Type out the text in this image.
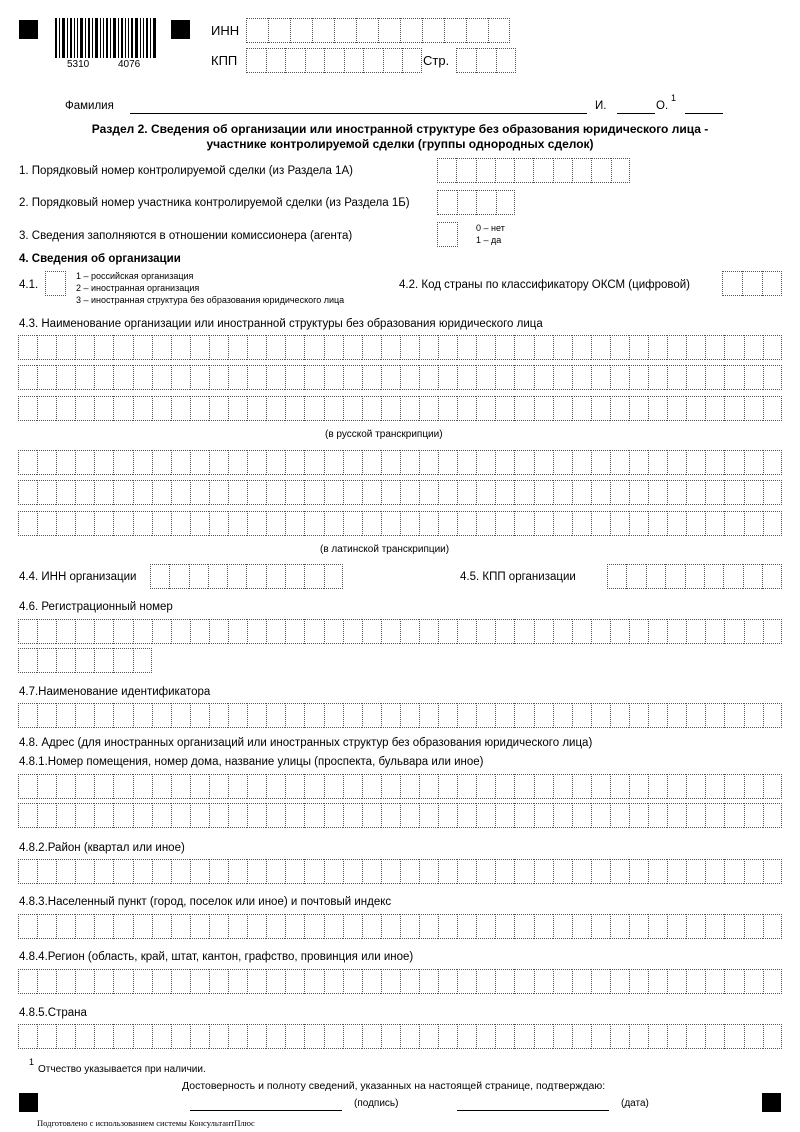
5310	4076
ИНН
КПП	Стр.
Фамилия	И.	О.
1
Раздел 2. Сведения об организации или иностранной структуре без образования юридического лица -
участнике контролируемой сделки (группы однородных сделок)
1. Порядковый номер контролируемой сделки (из Раздела 1А)
2. Порядковый номер участника контролируемой сделки (из Раздела 1Б)
3. Сведения заполняются в отношении комиссионера (агента)
0 – нет
1 – да
4. Сведения об организации
4.1.
1 – российская организация
2 – иностранная организация
3 – иностранная структура без образования юридического лица
4.2. Код страны по классификатору ОКСМ (цифровой)
4.3. Наименование организации или иностранной структуры без образования юридического лица
(в русской транскрипции)
(в латинской транскрипции)
4.4. ИНН организации	4.5. КПП организации
4.6. Регистрационный номер
4.7.Наименование идентификатора
4.8. Адрес (для иностранных организаций или иностранных структур без образования юридического лица)
4.8.1.Номер помещения, номер дома, название улицы (проспекта, бульвара или иное)
4.8.2.Район (квартал или иное)
4.8.3.Населенный пункт (город, поселок или иное) и почтовый индекс
4.8.4.Регион (область, край, штат, кантон, графство, провинция или иное)
4.8.5.Страна
1
Отчество указывается при наличии.
Достоверность и полноту сведений, указанных на настоящей странице, подтверждаю:
(подпись)	(дата)
Подготовлено с использованием системы КонсультантПлюс
